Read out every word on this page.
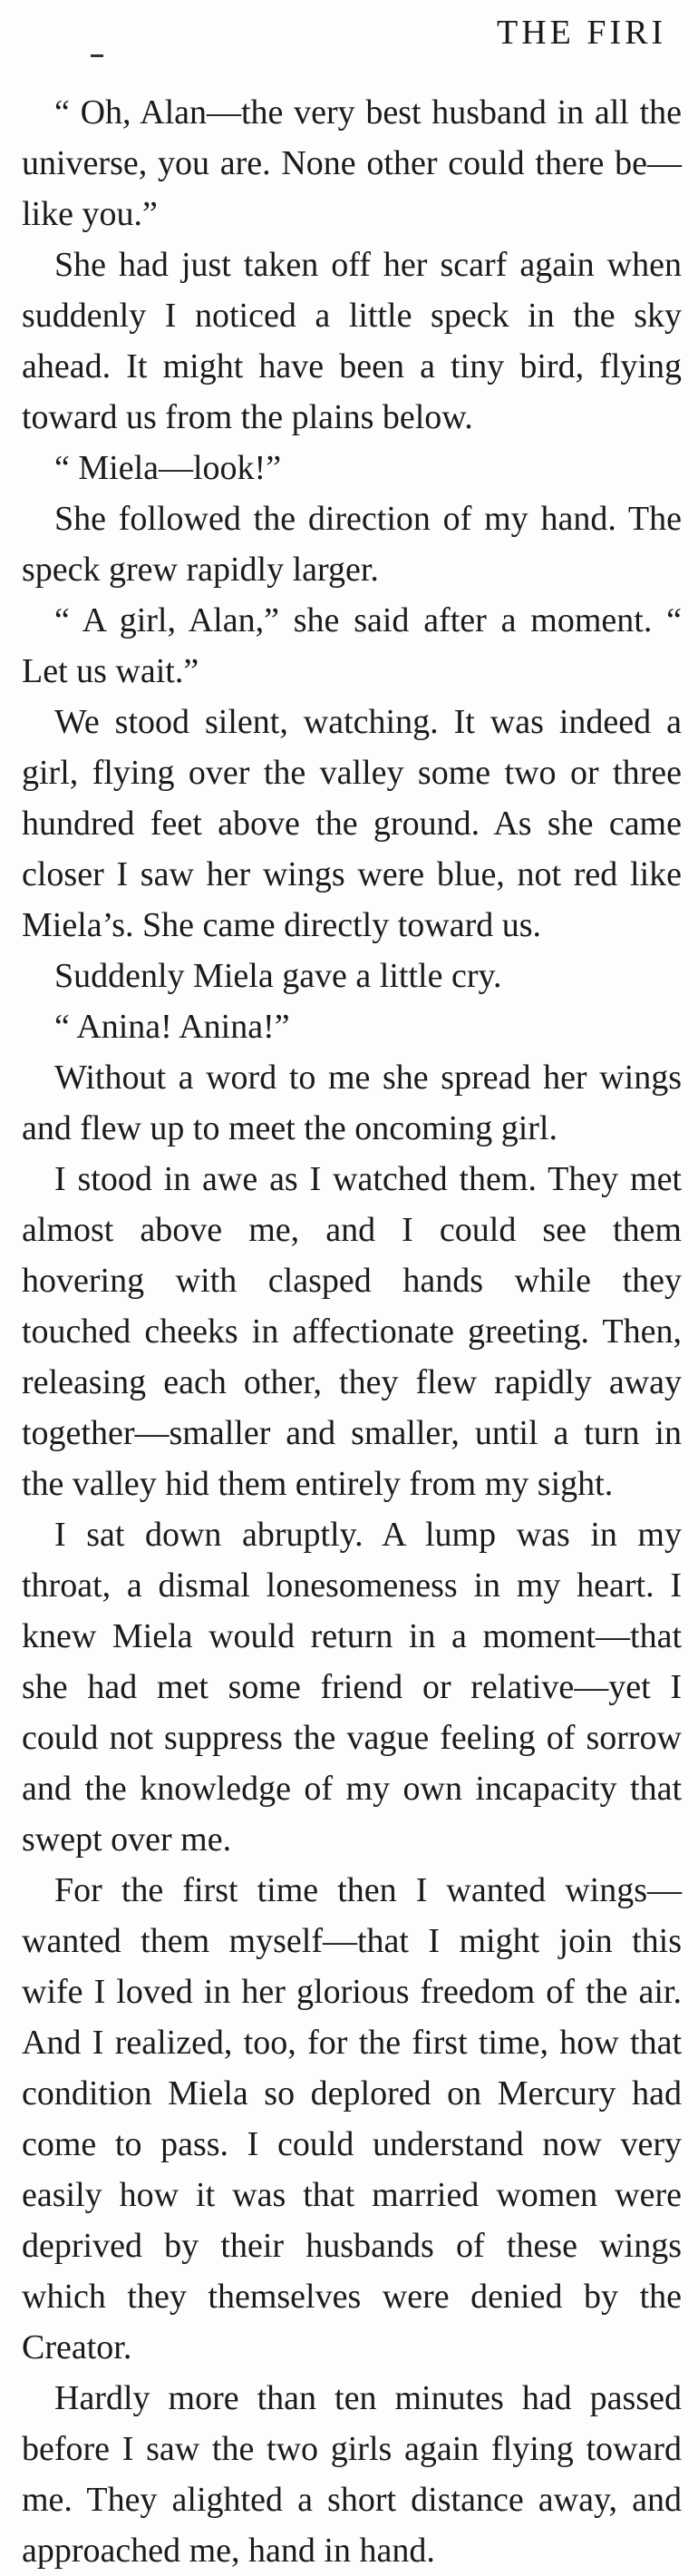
THE FIRI

“ Oh, Alan—the very best husband in all the universe, you are. None other could there be—like you.”

She had just taken off her scarf again when suddenly I noticed a little speck in the sky ahead. It might have been a tiny bird, flying toward us from the plains below.

“ Miela—look!”

She followed the direction of my hand. The speck grew rapidly larger.

“ A girl, Alan,” she said after a moment. “ Let us wait.”

We stood silent, watching. It was indeed a girl, flying over the valley some two or three hundred feet above the ground. As she came closer I saw her wings were blue, not red like Miela’s. She came directly toward us.

Suddenly Miela gave a little cry.

“ Anina! Anina!”

Without a word to me she spread her wings and flew up to meet the oncoming girl.

I stood in awe as I watched them. They met almost above me, and I could see them hovering with clasped hands while they touched cheeks in affectionate greeting. Then, releasing each other, they flew rapidly away together—smaller and smaller, until a turn in the valley hid them entirely from my sight.

I sat down abruptly. A lump was in my throat, a dismal lonesomeness in my heart. I knew Miela would return in a moment—that she had met some friend or relative—yet I could not suppress the vague feeling of sorrow and the knowledge of my own incapacity that swept over me.

For the first time then I wanted wings—wanted them myself—that I might join this wife I loved in her glorious freedom of the air. And I realized, too, for the first time, how that condition Miela so deplored on Mercury had come to pass. I could understand now very easily how it was that married women were deprived by their husbands of these wings which they themselves were denied by the Creator.

Hardly more than ten minutes had passed before I saw the two girls again flying toward me. They alighted a short distance away, and approached me, hand in hand.
